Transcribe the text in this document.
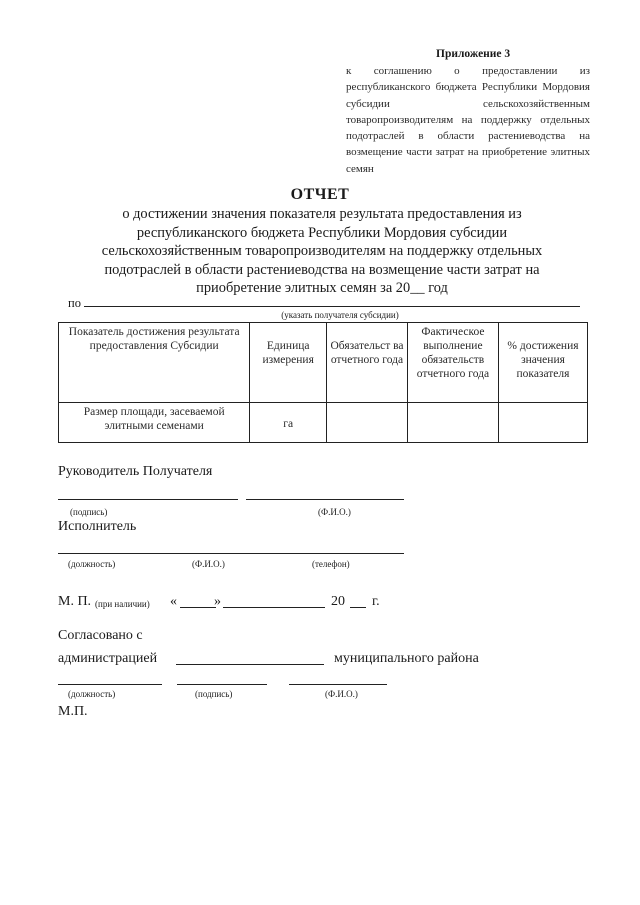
Приложение 3
к соглашению о предоставлении из республиканского бюджета Республики Мордовия субсидии сельскохозяйственным товаропроизводителям на поддержку отдельных подотраслей в области растениеводства на возмещение части затрат на приобретение элитных семян
ОТЧЕТ
о достижении значения показателя результата предоставления из республиканского бюджета Республики Мордовия субсидии сельскохозяйственным товаропроизводителям на поддержку отдельных подотраслей в области растениеводства на возмещение части затрат на приобретение элитных семян за 20__ год
по
(указать получателя субсидии)
Показатель достижения результата предоставления Субсидии	Единица измерения	Обязательст ва отчетного года	Фактическое выполнение обязательств отчетного года	% достижения значения показателя
Размер площади, засеваемой элитными семенами	га			
Руководитель Получателя
(подпись)	(Ф.И.О.)
Исполнитель
(должность)	(Ф.И.О.)	(телефон)
М. П. (при наличии) «	»	20 г.
Согласовано с
администрацией	муниципального района
(должность)	(подпись)	(Ф.И.О.)
М.П.
